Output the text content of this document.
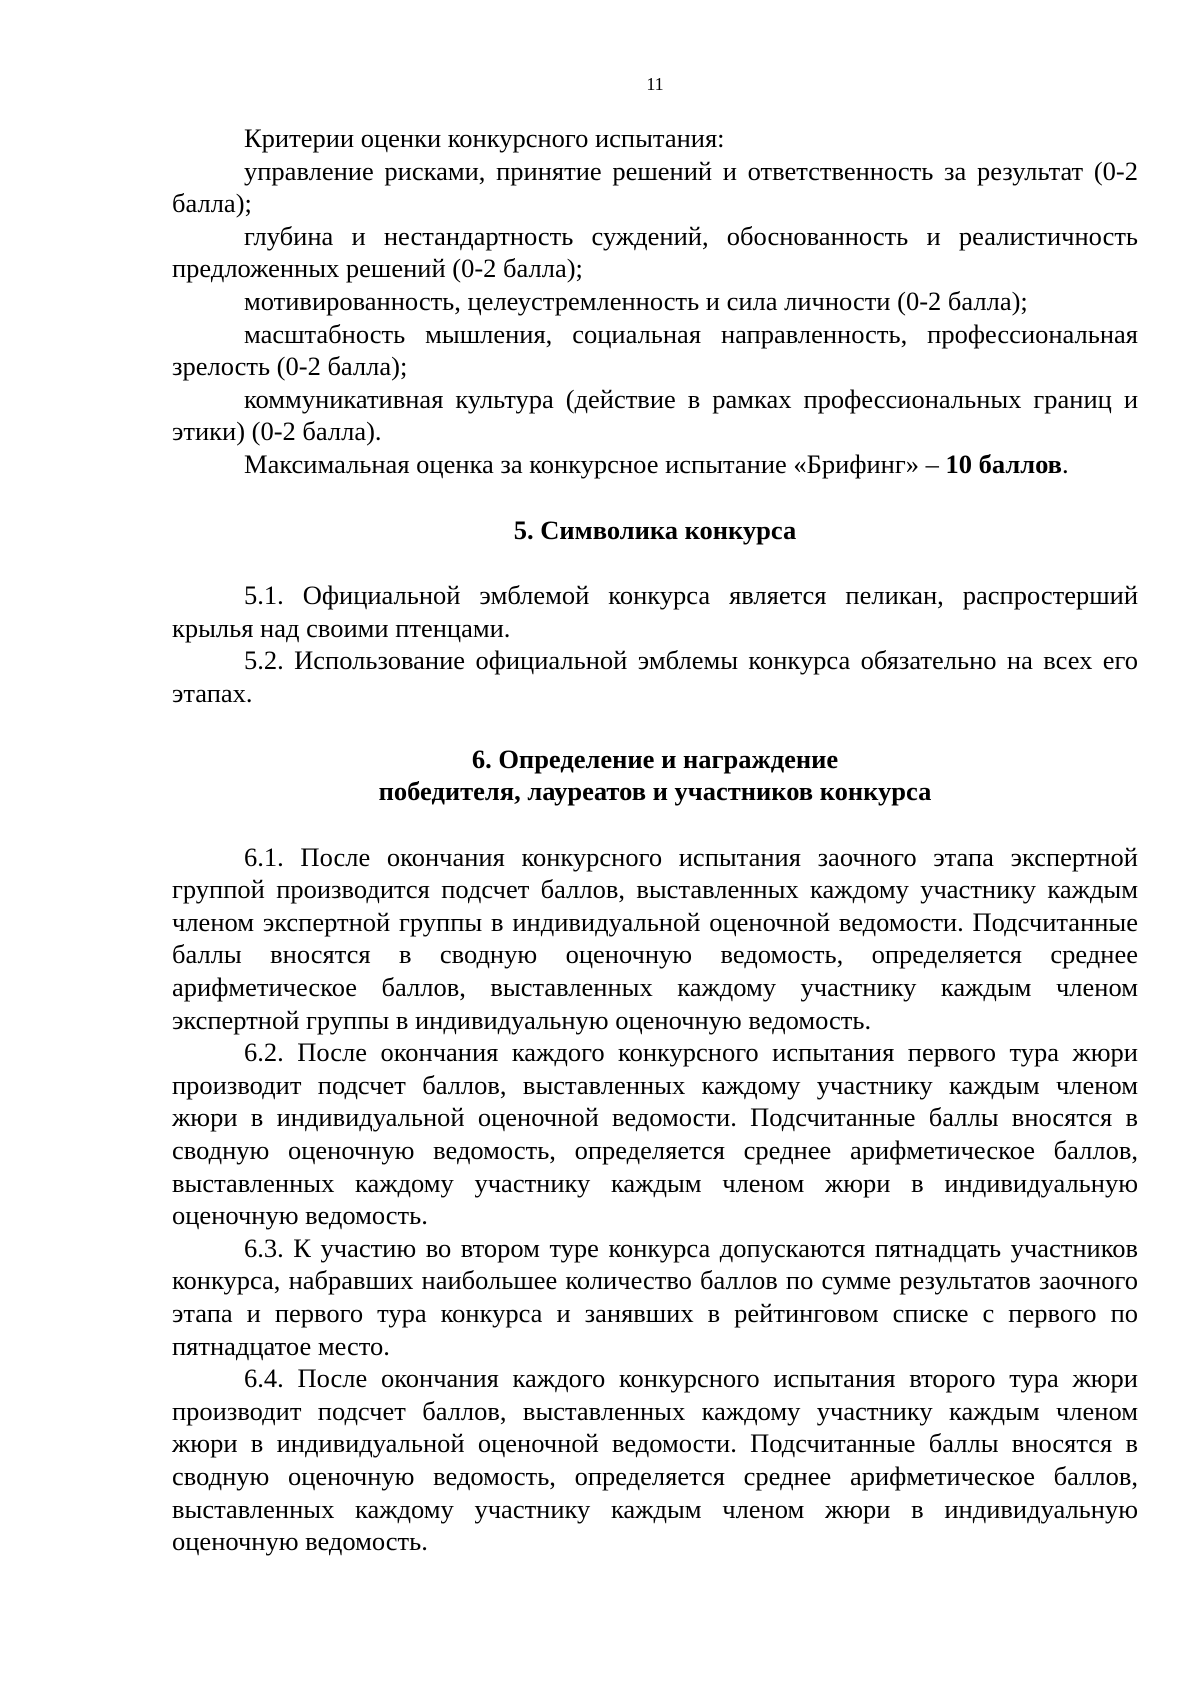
11

Критерии оценки конкурсного испытания:

управление рисками, принятие решений и ответственность за результат (0-2 балла);

глубина и нестандартность суждений, обоснованность и реалистичность предложенных решений (0-2 балла);

мотивированность, целеустремленность и сила личности (0-2 балла);

масштабность мышления, социальная направленность, профессиональная зрелость (0-2 балла);

коммуникативная культура (действие в рамках профессиональных границ и этики) (0-2 балла).

Максимальная оценка за конкурсное испытание «Брифинг» – 10 баллов.

5. Символика конкурса

5.1. Официальной эмблемой конкурса является пеликан, распростерший крылья над своими птенцами.

5.2. Использование официальной эмблемы конкурса обязательно на всех его этапах.

6. Определение и награждение
победителя, лауреатов и участников конкурса

6.1. После окончания конкурсного испытания заочного этапа экспертной группой производится подсчет баллов, выставленных каждому участнику каждым членом экспертной группы в индивидуальной оценочной ведомости. Подсчитанные баллы вносятся в сводную оценочную ведомость, определяется среднее арифметическое баллов, выставленных каждому участнику каждым членом экспертной группы в индивидуальную оценочную ведомость.

6.2. После окончания каждого конкурсного испытания первого тура жюри производит подсчет баллов, выставленных каждому участнику каждым членом жюри в индивидуальной оценочной ведомости. Подсчитанные баллы вносятся в сводную оценочную ведомость, определяется среднее арифметическое баллов, выставленных каждому участнику каждым членом жюри в индивидуальную оценочную ведомость.

6.3. К участию во втором туре конкурса допускаются пятнадцать участников конкурса, набравших наибольшее количество баллов по сумме результатов заочного этапа и первого тура конкурса и занявших в рейтинговом списке с первого по пятнадцатое место.

6.4. После окончания каждого конкурсного испытания второго тура жюри производит подсчет баллов, выставленных каждому участнику каждым членом жюри в индивидуальной оценочной ведомости. Подсчитанные баллы вносятся в сводную оценочную ведомость, определяется среднее арифметическое баллов, выставленных каждому участнику каждым членом жюри в индивидуальную оценочную ведомость.
